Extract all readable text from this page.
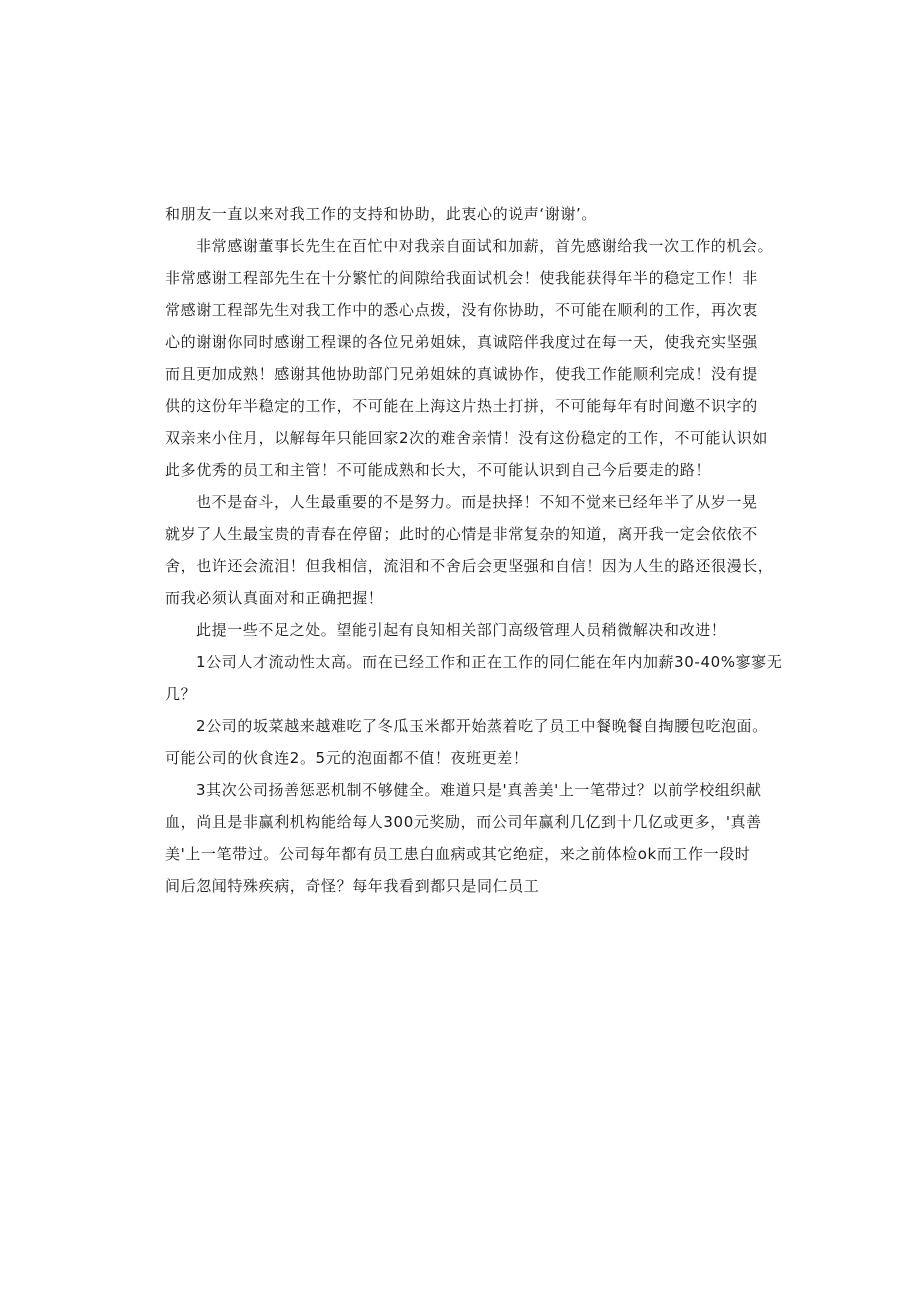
和朋友一直以来对我工作的支持和协助，此衷心的说声‘谢谢’。
非常感谢董事长先生在百忙中对我亲自面试和加薪，首先感谢给我一次工作的机会。
非常感谢工程部先生在十分繁忙的间隙给我面试机会！使我能获得年半的稳定工作！非
常感谢工程部先生对我工作中的悉心点拨，没有你协助，不可能在顺利的工作，再次衷
心的谢谢你同时感谢工程课的各位兄弟姐妹，真诚陪伴我度过在每一天，使我充实坚强
而且更加成熟！感谢其他协助部门兄弟姐妹的真诚协作，使我工作能顺利完成！没有提
供的这份年半稳定的工作，不可能在上海这片热土打拼，不可能每年有时间邀不识字的
双亲来小住月，以解每年只能回家2次的难舍亲情！没有这份稳定的工作，不可能认识如
此多优秀的员工和主管！不可能成熟和长大，不可能认识到自己今后要走的路！
也不是奋斗，人生最重要的不是努力。而是抉择！不知不觉来已经年半了从岁一晃
就岁了人生最宝贵的青春在停留；此时的心情是非常复杂的知道，离开我一定会依依不
舍，也许还会流泪！但我相信，流泪和不舍后会更坚强和自信！因为人生的路还很漫长，
而我必须认真面对和正确把握！
此提一些不足之处。望能引起有良知相关部门高级管理人员稍微解决和改进！
1公司人才流动性太高。而在已经工作和正在工作的同仁能在年内加薪30-40%寥寥无
几？
2公司的坂菜越来越难吃了冬瓜玉米都开始蒸着吃了员工中餐晚餐自掏腰包吃泡面。
可能公司的伙食连2。5元的泡面都不值！夜班更差！
3其次公司扬善惩恶机制不够健全。难道只是'真善美'上一笔带过？以前学校组织献
血，尚且是非赢利机构能给每人300元奖励，而公司年赢利几亿到十几亿或更多，'真善
美'上一笔带过。公司每年都有员工患白血病或其它绝症，来之前体检ok而工作一段时
间后忽闻特殊疾病，奇怪？每年我看到都只是同仁员工
